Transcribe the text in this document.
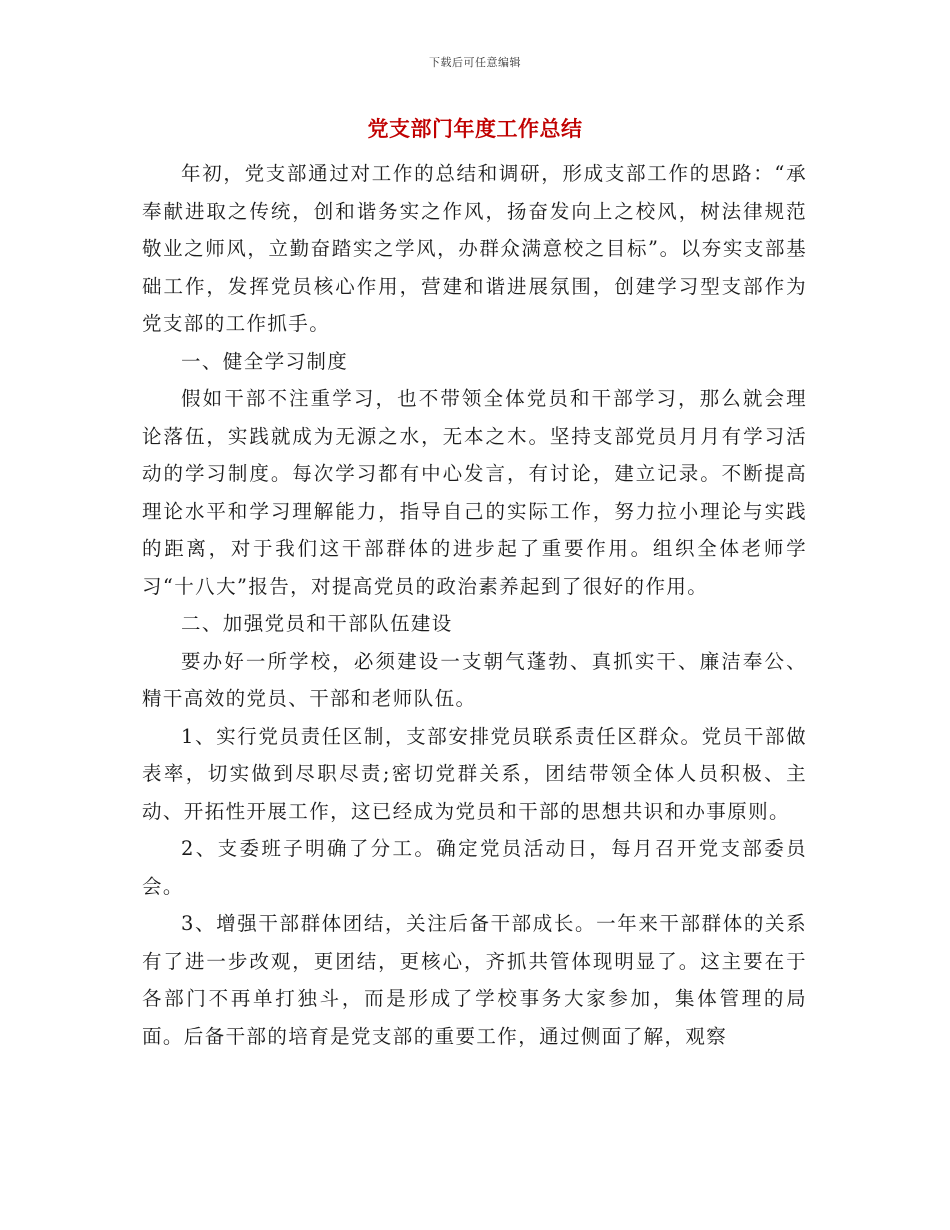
下载后可任意编辑
党支部门年度工作总结

年初，党支部通过对工作的总结和调研，形成支部工作的思路：“承奉献进取之传统，创和谐务实之作风，扬奋发向上之校风，树法律规范敬业之师风，立勤奋踏实之学风，办群众满意校之目标”。以夯实支部基础工作，发挥党员核心作用，营建和谐进展氛围，创建学习型支部作为党支部的工作抓手。

一、健全学习制度

假如干部不注重学习，也不带领全体党员和干部学习，那么就会理论落伍，实践就成为无源之水，无本之木。坚持支部党员月月有学习活动的学习制度。每次学习都有中心发言，有讨论，建立记录。不断提高理论水平和学习理解能力，指导自己的实际工作，努力拉小理论与实践的距离，对于我们这干部群体的进步起了重要作用。组织全体老师学习“十八大”报告，对提高党员的政治素养起到了很好的作用。

二、加强党员和干部队伍建设

要办好一所学校，必须建设一支朝气蓬勃、真抓实干、廉洁奉公、精干高效的党员、干部和老师队伍。

1、实行党员责任区制，支部安排党员联系责任区群众。党员干部做表率，切实做到尽职尽责;密切党群关系，团结带领全体人员积极、主动、开拓性开展工作，这已经成为党员和干部的思想共识和办事原则。

2、支委班子明确了分工。确定党员活动日，每月召开党支部委员会。

3、增强干部群体团结，关注后备干部成长。一年来干部群体的关系有了进一步改观，更团结，更核心，齐抓共管体现明显了。这主要在于各部门不再单打独斗，而是形成了学校事务大家参加，集体管理的局面。后备干部的培育是党支部的重要工作，通过侧面了解，观察
